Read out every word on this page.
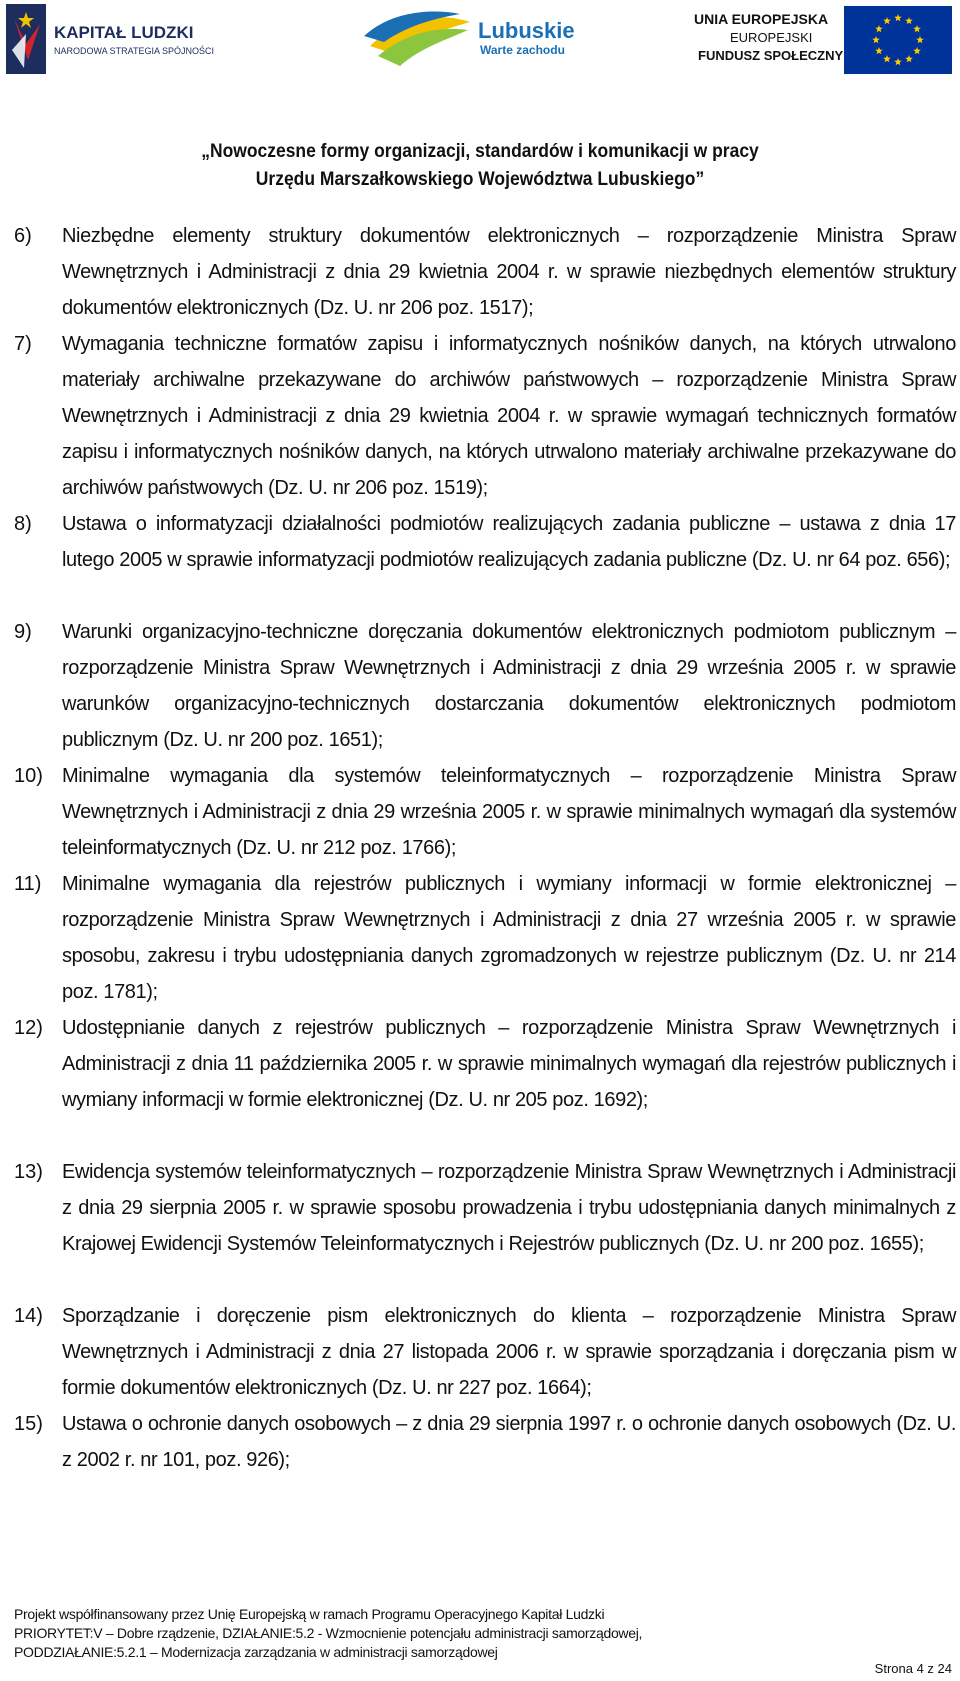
KAPITAŁ LUDZKI
NARODOWA STRATEGIA SPÓJNOŚCI
Lubuskie
Warte zachodu
UNIA EUROPEJSKA
EUROPEJSKI
FUNDUSZ SPOŁECZNY
„Nowoczesne formy organizacji, standardów i komunikacji w pracy
Urzędu Marszałkowskiego Województwa Lubuskiego”
6) Niezbędne elementy struktury dokumentów elektronicznych – rozporządzenie Ministra Spraw Wewnętrznych i Administracji z dnia 29 kwietnia 2004 r. w sprawie niezbędnych elementów struktury dokumentów elektronicznych (Dz. U. nr 206 poz. 1517);
7) Wymagania techniczne formatów zapisu i informatycznych nośników danych, na których utrwalono materiały archiwalne przekazywane do archiwów państwowych – rozporządzenie Ministra Spraw Wewnętrznych i Administracji z dnia 29 kwietnia 2004 r. w sprawie wymagań technicznych formatów zapisu i informatycznych nośników danych, na których utrwalono materiały archiwalne przekazywane do archiwów państwowych (Dz. U. nr 206 poz. 1519);
8) Ustawa o informatyzacji działalności podmiotów realizujących zadania publiczne – ustawa z dnia 17 lutego 2005 w sprawie informatyzacji podmiotów realizujących zadania publiczne (Dz. U. nr 64 poz. 656);
9) Warunki organizacyjno-techniczne doręczania dokumentów elektronicznych podmiotom publicznym – rozporządzenie Ministra Spraw Wewnętrznych i Administracji z dnia 29 września 2005 r. w sprawie warunków organizacyjno-technicznych dostarczania dokumentów elektronicznych podmiotom publicznym (Dz. U. nr 200 poz. 1651);
10) Minimalne wymagania dla systemów teleinformatycznych – rozporządzenie Ministra Spraw Wewnętrznych i Administracji z dnia 29 września 2005 r. w sprawie minimalnych wymagań dla systemów teleinformatycznych (Dz. U. nr 212 poz. 1766);
11) Minimalne wymagania dla rejestrów publicznych i wymiany informacji w formie elektronicznej – rozporządzenie Ministra Spraw Wewnętrznych i Administracji z dnia 27 września 2005 r. w sprawie sposobu, zakresu i trybu udostępniania danych zgromadzonych w rejestrze publicznym (Dz. U. nr 214 poz. 1781);
12) Udostępnianie danych z rejestrów publicznych – rozporządzenie Ministra Spraw Wewnętrznych i Administracji z dnia 11 października 2005 r. w sprawie minimalnych wymagań dla rejestrów publicznych i wymiany informacji w formie elektronicznej (Dz. U. nr 205 poz. 1692);
13) Ewidencja systemów teleinformatycznych – rozporządzenie Ministra Spraw Wewnętrznych i Administracji z dnia 29 sierpnia 2005 r. w sprawie sposobu prowadzenia i trybu udostępniania danych minimalnych z Krajowej Ewidencji Systemów Teleinformatycznych i Rejestrów publicznych (Dz. U. nr 200 poz. 1655);
14) Sporządzanie i doręczenie pism elektronicznych do klienta – rozporządzenie Ministra Spraw Wewnętrznych i Administracji z dnia 27 listopada 2006 r. w sprawie sporządzania i doręczania pism w formie dokumentów elektronicznych (Dz. U. nr 227 poz. 1664);
15) Ustawa o ochronie danych osobowych – z dnia 29 sierpnia 1997 r. o ochronie danych osobowych (Dz. U. z 2002 r. nr 101, poz. 926);
Projekt współfinansowany przez Unię Europejską w ramach Programu Operacyjnego Kapitał Ludzki
PRIORYTET:V – Dobre rządzenie, DZIAŁANIE:5.2 - Wzmocnienie potencjału administracji samorządowej,
PODDZIAŁANIE:5.2.1 – Modernizacja zarządzania w administracji samorządowej
Strona 4 z 24
